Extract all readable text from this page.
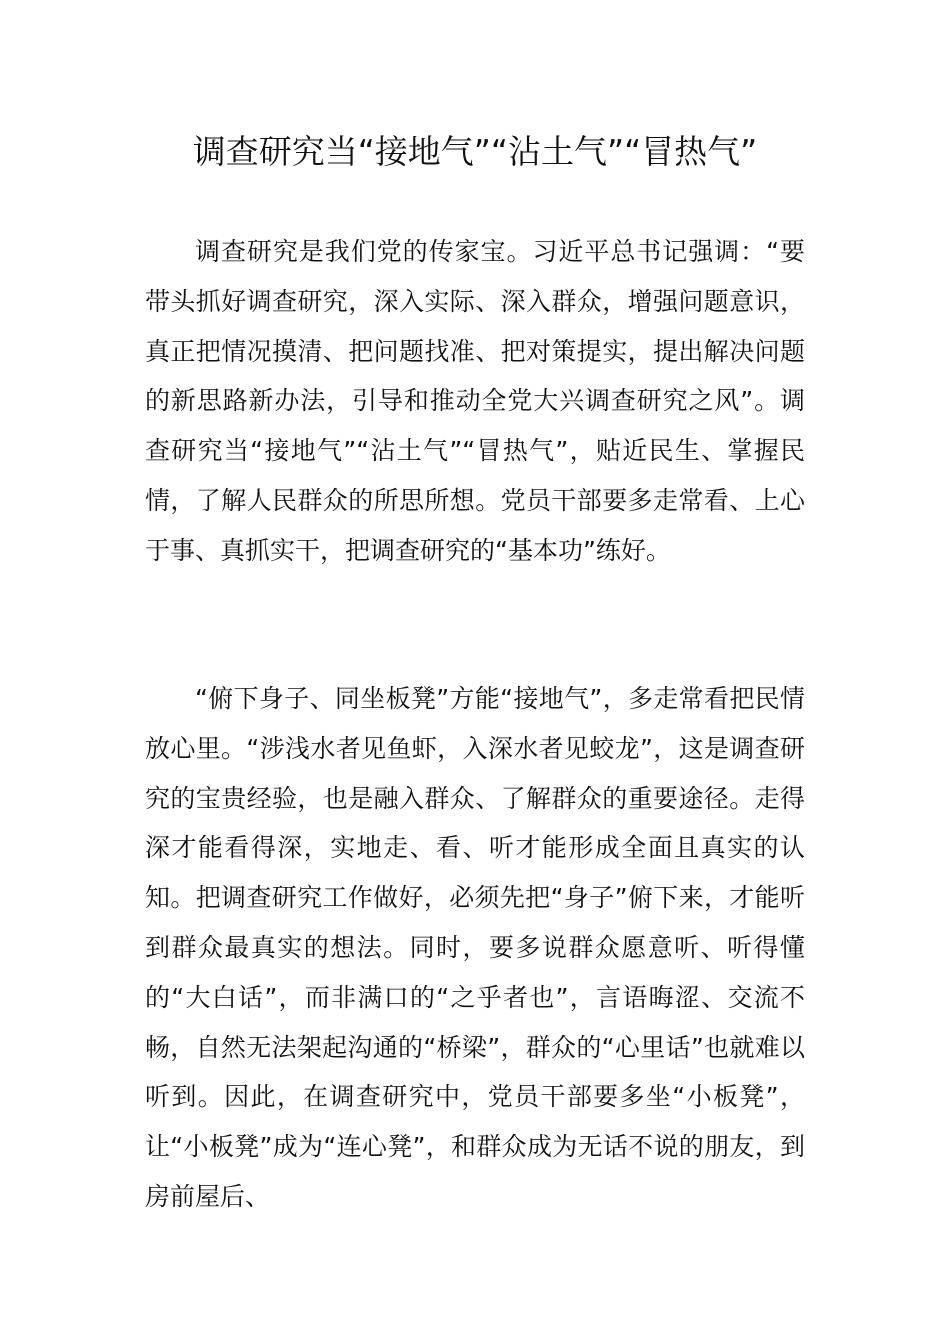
调查研究当“接地气”“沾土气”“冒热气”

调查研究是我们党的传家宝。习近平总书记强调：“要带头抓好调查研究，深入实际、深入群众，增强问题意识，真正把情况摸清、把问题找准、把对策提实，提出解决问题的新思路新办法，引导和推动全党大兴调查研究之风”。调查研究当“接地气”“沾土气”“冒热气”，贴近民生、掌握民情，了解人民群众的所思所想。党员干部要多走常看、上心于事、真抓实干，把调查研究的“基本功”练好。

“俯下身子、同坐板凳”方能“接地气”，多走常看把民情放心里。“涉浅水者见鱼虾，入深水者见蛟龙”，这是调查研究的宝贵经验，也是融入群众、了解群众的重要途径。走得深才能看得深，实地走、看、听才能形成全面且真实的认知。把调查研究工作做好，必须先把“身子”俯下来，才能听到群众最真实的想法。同时，要多说群众愿意听、听得懂的“大白话”，而非满口的“之乎者也”，言语晦涩、交流不畅，自然无法架起沟通的“桥梁”，群众的“心里话”也就难以听到。因此，在调查研究中，党员干部要多坐“小板凳”，让“小板凳”成为“连心凳”，和群众成为无话不说的朋友，到房前屋后、
